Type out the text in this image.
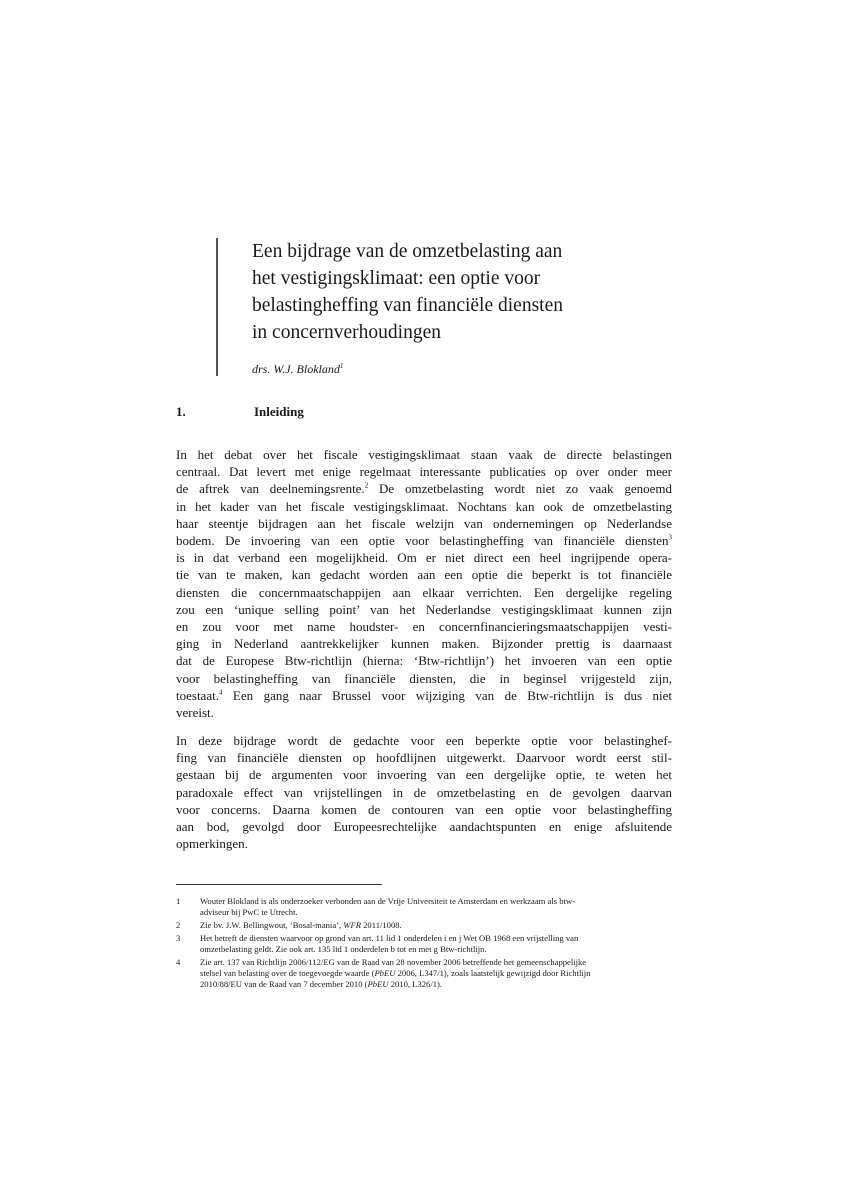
Een bijdrage van de omzetbelasting aan
het vestigingsklimaat: een optie voor
belastingheffing van financiële diensten
in concernverhoudingen
drs. W.J. Blokland$^1$
1.	Inleiding
In het debat over het fiscale vestigingsklimaat staan vaak de directe belastingen
centraal. Dat levert met enige regelmaat interessante publicaties op over onder meer
de aftrek van deelnemingsrente.$^2$ De omzetbelasting wordt niet zo vaak genoemd
in het kader van het fiscale vestigingsklimaat. Nochtans kan ook de omzetbelasting
haar steentje bijdragen aan het fiscale welzijn van ondernemingen op Nederlandse
bodem. De invoering van een optie voor belastingheffing van financiële diensten$^3$
is in dat verband een mogelijkheid. Om er niet direct een heel ingrijpende opera-
tie van te maken, kan gedacht worden aan een optie die beperkt is tot financiële
diensten die concernmaatschappijen aan elkaar verrichten. Een dergelijke regeling
zou een ‘unique selling point’ van het Nederlandse vestigingsklimaat kunnen zijn
en zou voor met name houdster- en concernfinancieringsmaatschappijen vesti-
ging in Nederland aantrekkelijker kunnen maken. Bijzonder prettig is daarnaast
dat de Europese Btw-richtlijn (hierna: ‘Btw-richtlijn’) het invoeren van een optie
voor belastingheffing van financiële diensten, die in beginsel vrijgesteld zijn,
toestaat.$^4$ Een gang naar Brussel voor wijziging van de Btw-richtlijn is dus niet
vereist.
In deze bijdrage wordt de gedachte voor een beperkte optie voor belastinghef-
fing van financiële diensten op hoofdlijnen uitgewerkt. Daarvoor wordt eerst stil-
gestaan bij de argumenten voor invoering van een dergelijke optie, te weten het
paradoxale effect van vrijstellingen in de omzetbelasting en de gevolgen daarvan
voor concerns. Daarna komen de contouren van een optie voor belastingheffing
aan bod, gevolgd door Europeesrechtelijke aandachtspunten en enige afsluitende
opmerkingen.
1 Wouter Blokland is als onderzoeker verbonden aan de Vrije Universiteit te Amsterdam en werkzaam als btw-
adviseur bij PwC te Utrecht.
2 Zie bv. J.W. Bellingwout, ‘Bosal-mania’, WFR 2011/1008.
3 Het betreft de diensten waarvoor op grond van art. 11 lid 1 onderdelen i en j Wet OB 1968 een vrijstelling van
omzetbelasting geldt. Zie ook art. 135 lid 1 onderdelen b tot en met g Btw-richtlijn.
4 Zie art. 137 van Richtlijn 2006/112/EG van de Raad van 28 november 2006 betreffende het gemeenschappelijke
stelsel van belasting over de toegevoegde waarde (PbEU 2006, L347/1), zoals laatstelijk gewijzigd door Richtlijn
2010/88/EU van de Raad van 7 december 2010 (PbEU 2010, L326/1).
